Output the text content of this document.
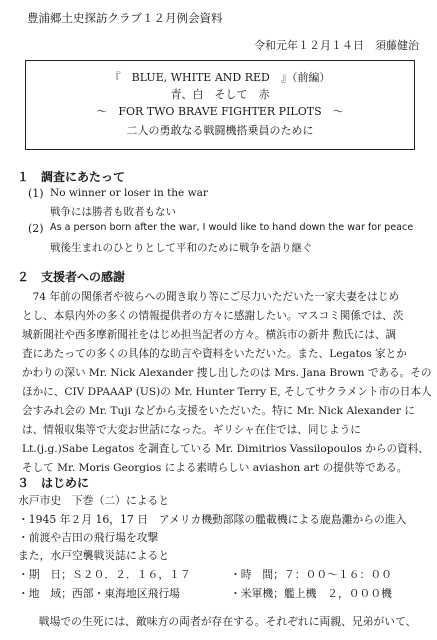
豊浦郷土史探訪クラブ１２月例会資料
令和元年１２月１４日　須藤健治
『　BLUE, WHITE AND RED　』（前編）
青、白　そして　赤
〜　FOR TWO BRAVE FIGHTER PILOTS　〜
二人の勇敢なる戦闘機搭乗員のために
１　調査にあたって
(1) No winner or loser in the war
戦争には勝者も敗者もない
(2) As a person born after the war, I would like to hand down the war for peace
戦後生まれのひとりとして平和のために戦争を語り継ぐ
２　支援者への感謝
　74 年前の関係者や彼らへの聞き取り等にご尽力いただいた一家夫妻をはじめ
とし、本県内外の多くの情報提供者の方々に感謝したい。マスコミ関係では、茨
城新聞社や西多摩新聞社をはじめ担当記者の方々。横浜市の新井 勲氏には、調
査にあたっての多くの具体的な助言や資料をいただいた。また、Legatos 家とか
かわりの深い Mr. Nick Alexander 捜し出したのは Mrs. Jana Brown である。その
ほかに、CIV DPAAAP (US)の Mr. Hunter Terry E, そしてサクラメント市の日本人
会すみれ会の Mr. Tuji などから支援をいただいた。特に Mr. Nick Alexander に
は、情報収集等で大変お世話になった。ギリシャ在住では、同じように
Lt.(j.g.)Sabe Legatos を調査している Mr. Dimitrios Vassilopoulos からの資料、
そして Mr. Moris Georgios による素晴らしい aviashon art の提供等である。
３　はじめに
水戸市史　下巻（二）によると
・1945 年２月 16，17 日　アメリカ機動部隊の艦載機による鹿島灘からの進入
・前渡や吉田の飛行場を攻撃
また，水戸空襲戦災誌によると
・期　日；Ｓ２０．２．１６，１７	・時　間；７：００〜１６：００
・地　域；西部・東海地区飛行場	・米軍機；艦上機　２，０００機
　戦場での生死には、敵味方の両者が存在する。それぞれに両親、兄弟がいて、
